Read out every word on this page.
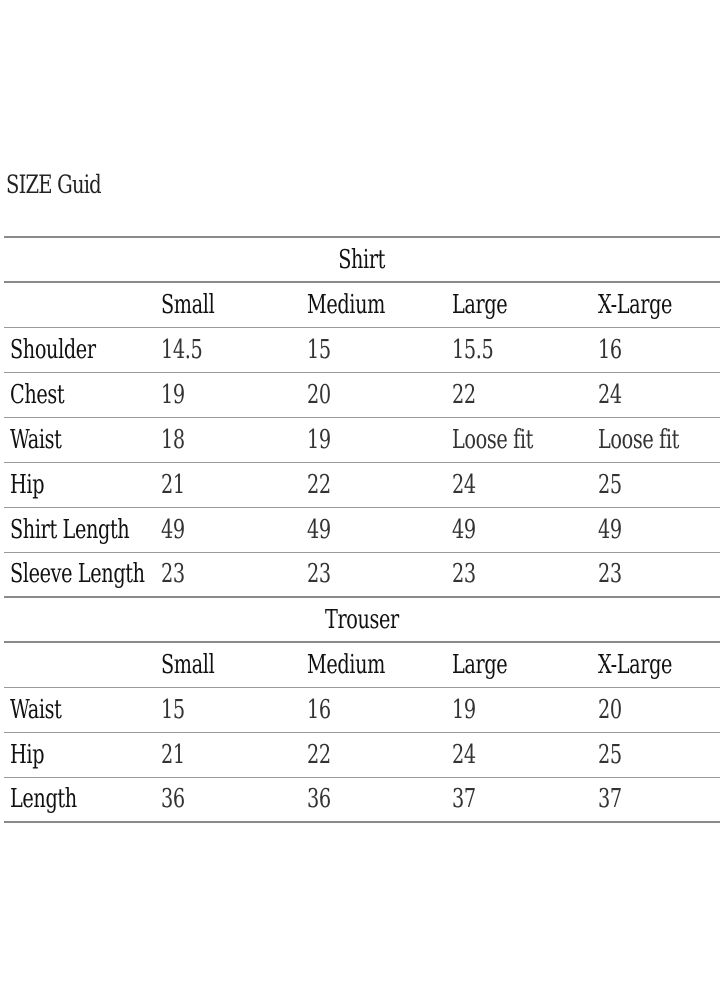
SIZE Guid
Shirt				
	Small	Medium	Large	X-Large
Shoulder	14.5	15	15.5	16
Chest	19	20	22	24
Waist	18	19	Loose fit	Loose fit
Hip	21	22	24	25
Shirt Length	49	49	49	49
Sleeve Length	23	23	23	23
Trouser				
	Small	Medium	Large	X-Large
Waist	15	16	19	20
Hip	21	22	24	25
Length	36	36	37	37
